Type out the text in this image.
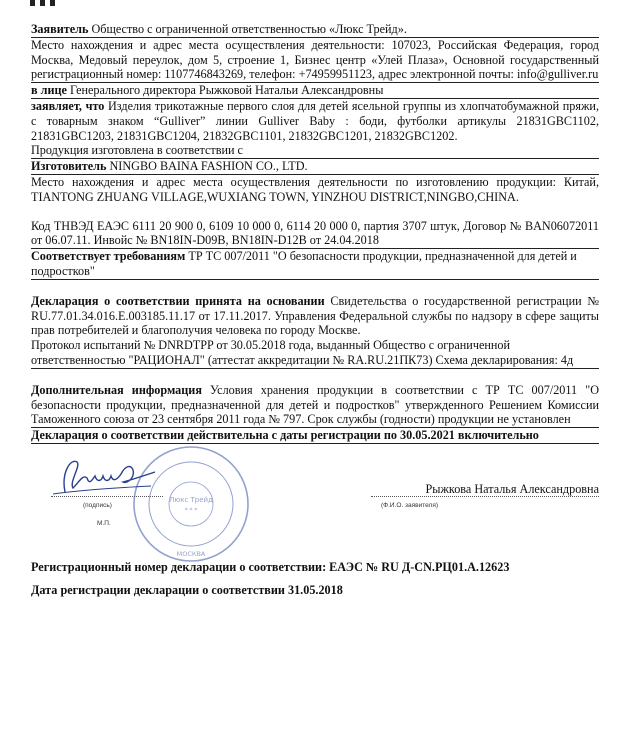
Заявитель Общество с ограниченной ответственностью «Люкс Трейд».
Место нахождения и адрес места осуществления деятельности: 107023, Российская Федерация, город Москва, Медовый переулок, дом 5, строение 1, Бизнес центр «Улей Плаза», Основной государственный регистрационный номер: 1107746843269, телефон: +74959951123, адрес электронной почты: info@gulliver.ru
в лице Генерального директора Рыжковой Натальи Александровны
заявляет, что Изделия трикотажные первого слоя для детей ясельной группы из хлопчатобумажной пряжи, с товарным знаком “Gulliver” линии Gulliver Baby : боди, футболки артикулы 21831GBC1102, 21831GBC1203, 21831GBC1204, 21832GBC1101, 21832GBC1201, 21832GBC1202.
Продукция изготовлена в соответствии с
Изготовитель NINGBO BAINA FASHION CO., LTD.
Место нахождения и адрес места осуществления деятельности по изготовлению продукции: Китай, TIANTONG ZHUANG VILLAGE,WUXIANG TOWN, YINZHOU DISTRICT,NINGBO,CHINA.
Код ТНВЭД ЕАЭС 6111 20 900 0, 6109 10 000 0, 6114 20 000 0, партия 3707 штук, Договор № BAN06072011 от 06.07.11. Инвойс № BN18IN-D09B, BN18IN-D12B от 24.04.2018
Соответствует требованиям ТР ТС 007/2011 "О безопасности продукции, предназначенной для детей и подростков"
Декларация о соответствии принята на основании Свидетельства о государственной регистрации № RU.77.01.34.016.Е.003185.11.17 от 17.11.2017. Управления Федеральной службы по надзору в сфере защиты прав потребителей и благополучия человека по городу Москве.
Протокол испытаний № DNRDTPP от 30.05.2018 года, выданный Общество с ограниченной ответственностью "РАЦИОНАЛ" (аттестат аккредитации № RA.RU.21ПК73) Схема декларирования: 4д
Дополнительная информация Условия хранения продукции в соответствии с ТР ТС 007/2011 "О безопасности продукции, предназначенной для детей и подростков" утвержденного Решением Комиссии Таможенного союза от 23 сентября 2011 года № 797. Срок службы (годности) продукции не установлен
Декларация о соответствии действительна с даты регистрации по 30.05.2021 включительно
Люкс Трейд
* * *
МОСКВА
(подпись)
М.П.
Рыжкова Наталья Александровна
(Ф.И.О. заявителя)
Регистрационный номер декларации о соответствии: ЕАЭС № RU Д-CN.РЦ01.А.12623
Дата регистрации декларации о соответствии 31.05.2018
